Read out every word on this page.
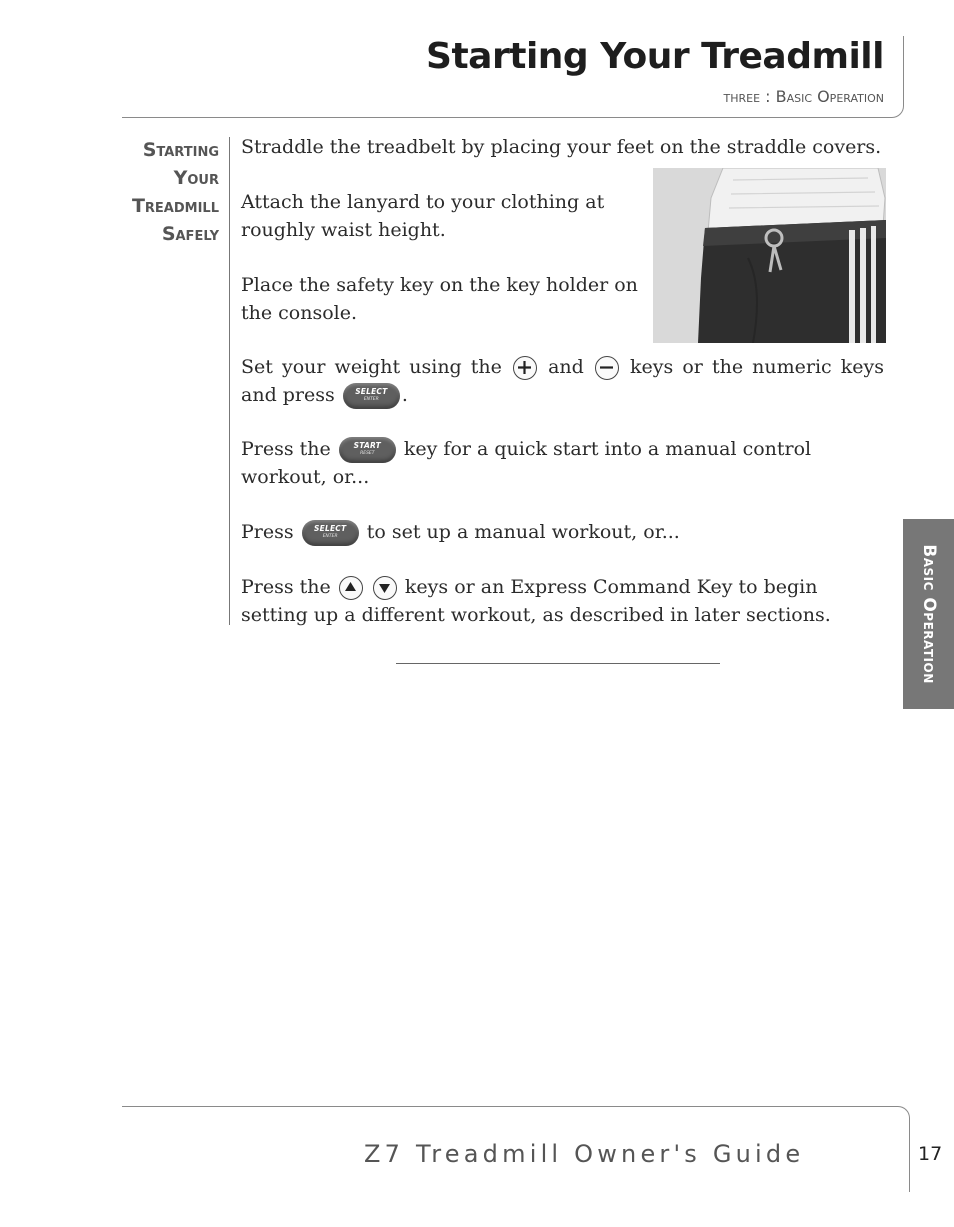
Starting Your Treadmill
three : Basic Operation
Starting
Your
Treadmill
Safely
Straddle the treadbelt by placing your feet on the straddle covers.
Attach the lanyard to your clothing at roughly waist height.
Place the safety key on the key holder on the console.
Set your weight using the and keys or the numeric keys and press	SELECT
ENTER	.
Press the	START
RESET	key for a quick start into a manual control workout, or...
Press	SELECT
ENTER	to set up a manual workout, or...
Press the
	keys or an Express Command Key to begin setting up a different workout, as described in later sections.	Basic Operation
Z7 Treadmill Owner's Guide	17
